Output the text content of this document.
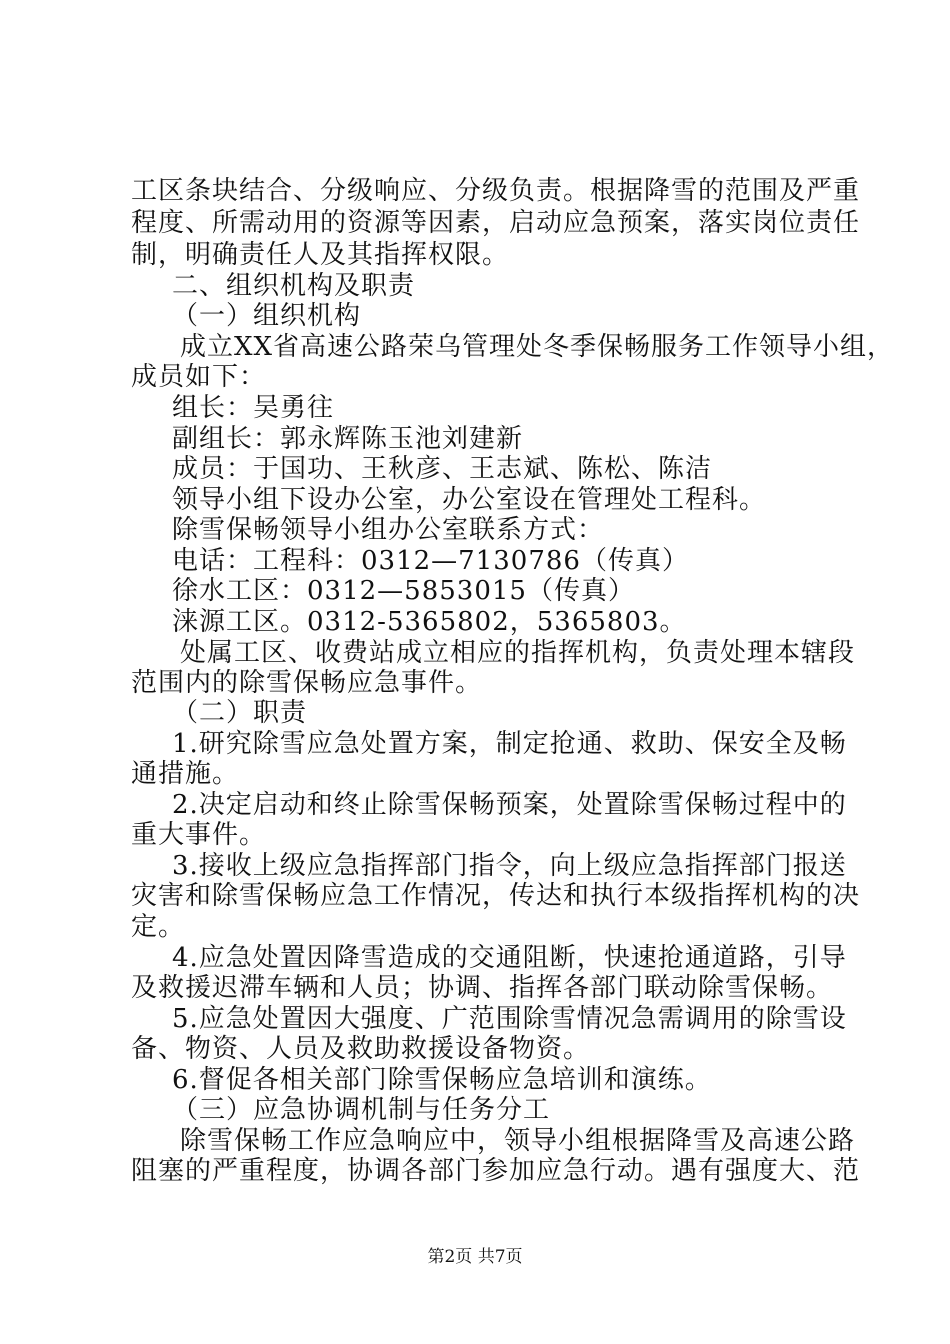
工区条块结合、分级响应、分级负责。根据降雪的范围及严重
程度、所需动用的资源等因素，启动应急预案，落实岗位责任
制，明确责任人及其指挥权限。
二、组织机构及职责
（一）组织机构
成立XX省高速公路荣乌管理处冬季保畅服务工作领导小组，
成员如下：
组长：吴勇往
副组长：郭永辉陈玉池刘建新
成员：于国功、王秋彦、王志斌、陈松、陈洁
领导小组下设办公室，办公室设在管理处工程科。
除雪保畅领导小组办公室联系方式：
电话：工程科：0312—7130786（传真）
徐水工区：0312—5853015（传真）
涞源工区。0312-5365802，5365803。
处属工区、收费站成立相应的指挥机构，负责处理本辖段
范围内的除雪保畅应急事件。
（二）职责
1.研究除雪应急处置方案，制定抢通、救助、保安全及畅
通措施。
2.决定启动和终止除雪保畅预案，处置除雪保畅过程中的
重大事件。
3.接收上级应急指挥部门指令，向上级应急指挥部门报送
灾害和除雪保畅应急工作情况，传达和执行本级指挥机构的决
定。
4.应急处置因降雪造成的交通阻断，快速抢通道路，引导
及救援迟滞车辆和人员；协调、指挥各部门联动除雪保畅。
5.应急处置因大强度、广范围除雪情况急需调用的除雪设
备、物资、人员及救助救援设备物资。
6.督促各相关部门除雪保畅应急培训和演练。
（三）应急协调机制与任务分工
除雪保畅工作应急响应中，领导小组根据降雪及高速公路
阻塞的严重程度，协调各部门参加应急行动。遇有强度大、范
第2页 共7页
